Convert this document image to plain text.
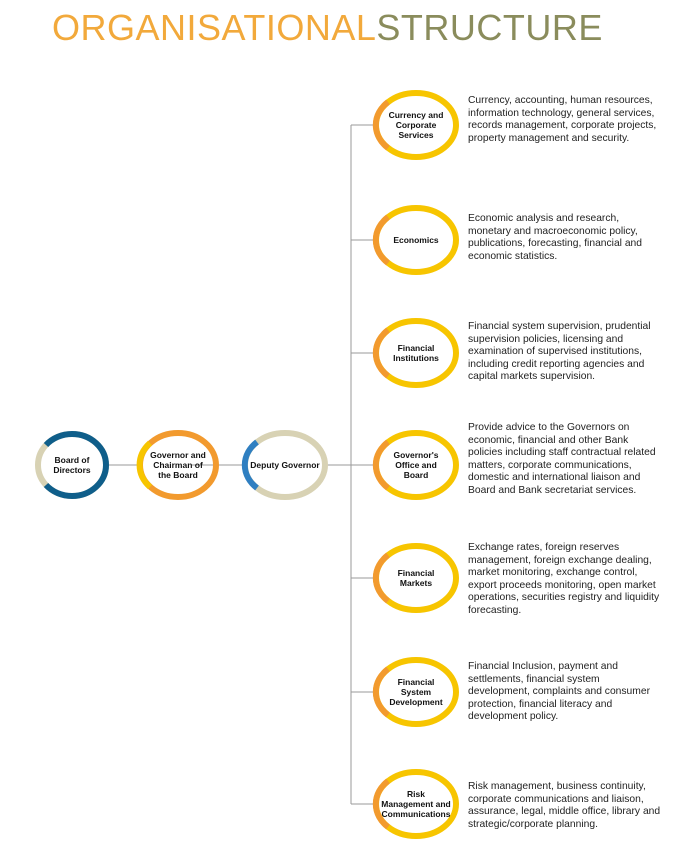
ORGANISATIONALSTRUCTURE
Board of Directors
Governor and Chairman of the Board
Deputy Governor
Currency and Corporate Services
Economics
Financial Institutions
Governor's Office and Board
Financial Markets
Financial System Development
Risk Management and Communications
Currency, accounting, human resources, information technology, general services, records management, corporate projects, property management and security.
Economic analysis and research, monetary and macroeconomic policy, publications, forecasting, financial and economic statistics.
Financial system supervision, prudential supervision policies, licensing and examination of supervised institutions, including credit reporting agencies and capital markets supervision.
Provide advice to the Governors on economic, financial and other Bank policies including staff contractual related matters, corporate communications, domestic and international liaison and Board and Bank secretariat services.
Exchange rates, foreign reserves management, foreign exchange dealing, market monitoring, exchange control, export proceeds monitoring, open market operations, securities registry and liquidity forecasting.
Financial Inclusion, payment and settlements, financial system development, complaints and consumer protection, financial literacy and development policy.
Risk management, business continuity, corporate communications and liaison, assurance, legal, middle office, library and strategic/corporate planning.
